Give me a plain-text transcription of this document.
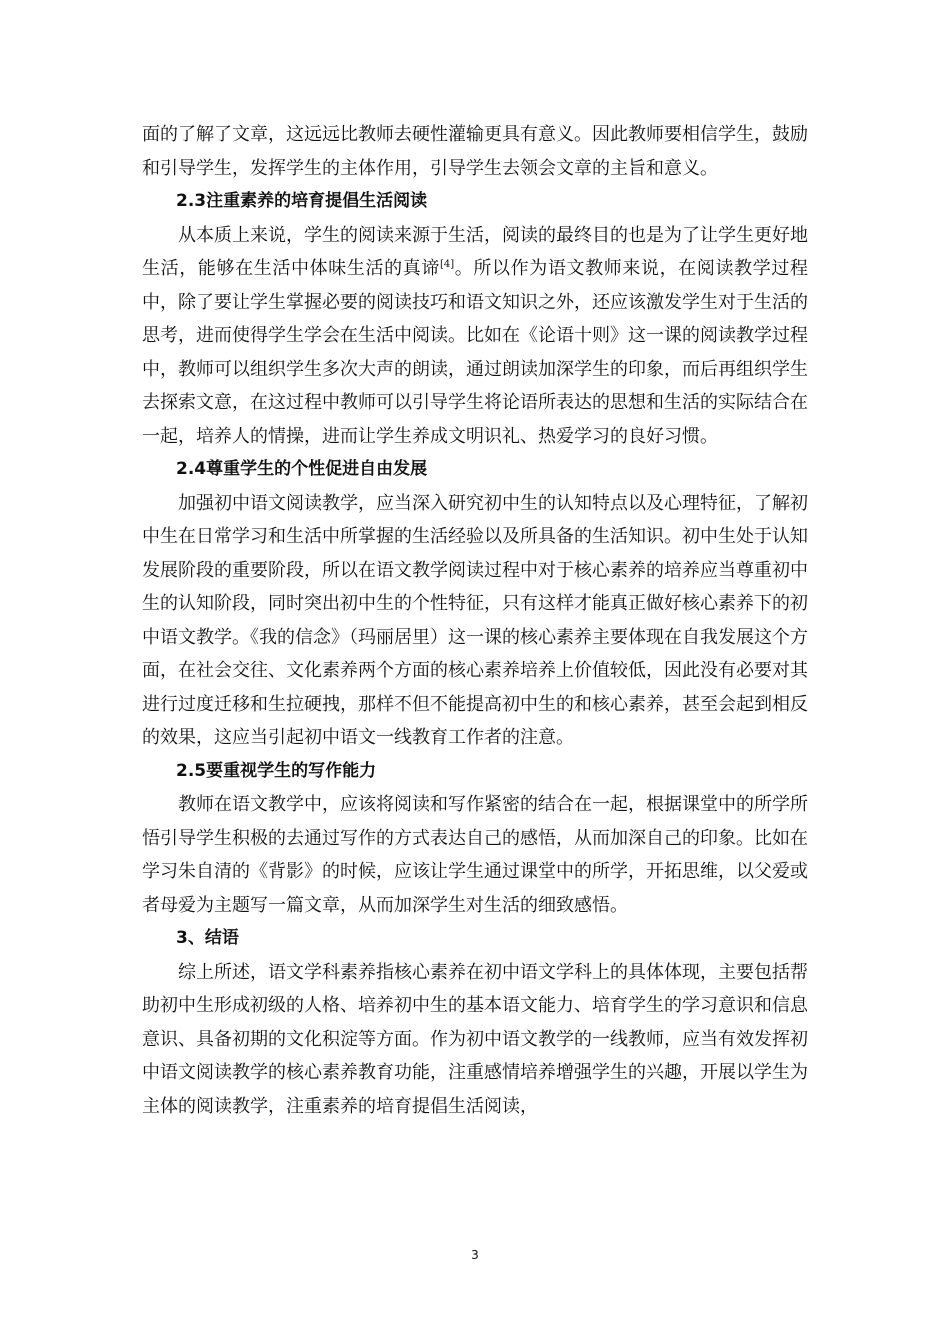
面的了解了文章，这远远比教师去硬性灌输更具有意义。因此教师要相信学生，鼓励和引导学生，发挥学生的主体作用，引导学生去领会文章的主旨和意义。

2.3注重素养的培育提倡生活阅读

从本质上来说，学生的阅读来源于生活，阅读的最终目的也是为了让学生更好地生活，能够在生活中体味生活的真谛[4]。所以作为语文教师来说，在阅读教学过程中，除了要让学生掌握必要的阅读技巧和语文知识之外，还应该激发学生对于生活的思考，进而使得学生学会在生活中阅读。比如在《论语十则》这一课的阅读教学过程中，教师可以组织学生多次大声的朗读，通过朗读加深学生的印象，而后再组织学生去探索文意，在这过程中教师可以引导学生将论语所表达的思想和生活的实际结合在一起，培养人的情操，进而让学生养成文明识礼、热爱学习的良好习惯。

2.4尊重学生的个性促进自由发展

加强初中语文阅读教学，应当深入研究初中生的认知特点以及心理特征，了解初中生在日常学习和生活中所掌握的生活经验以及所具备的生活知识。初中生处于认知发展阶段的重要阶段，所以在语文教学阅读过程中对于核心素养的培养应当尊重初中生的认知阶段，同时突出初中生的个性特征，只有这样才能真正做好核心素养下的初中语文教学。《我的信念》（玛丽居里）这一课的核心素养主要体现在自我发展这个方面，在社会交往、文化素养两个方面的核心素养培养上价值较低，因此没有必要对其进行过度迁移和生拉硬拽，那样不但不能提高初中生的和核心素养，甚至会起到相反的效果，这应当引起初中语文一线教育工作者的注意。

2.5要重视学生的写作能力

教师在语文教学中，应该将阅读和写作紧密的结合在一起，根据课堂中的所学所悟引导学生积极的去通过写作的方式表达自己的感悟，从而加深自己的印象。比如在学习朱自清的《背影》的时候，应该让学生通过课堂中的所学，开拓思维，以父爱或者母爱为主题写一篇文章，从而加深学生对生活的细致感悟。

3、结语

综上所述，语文学科素养指核心素养在初中语文学科上的具体体现，主要包括帮助初中生形成初级的人格、培养初中生的基本语文能力、培育学生的学习意识和信息意识、具备初期的文化积淀等方面。作为初中语文教学的一线教师，应当有效发挥初中语文阅读教学的核心素养教育功能，注重感情培养增强学生的兴趣，开展以学生为主体的阅读教学，注重素养的培育提倡生活阅读，

3
